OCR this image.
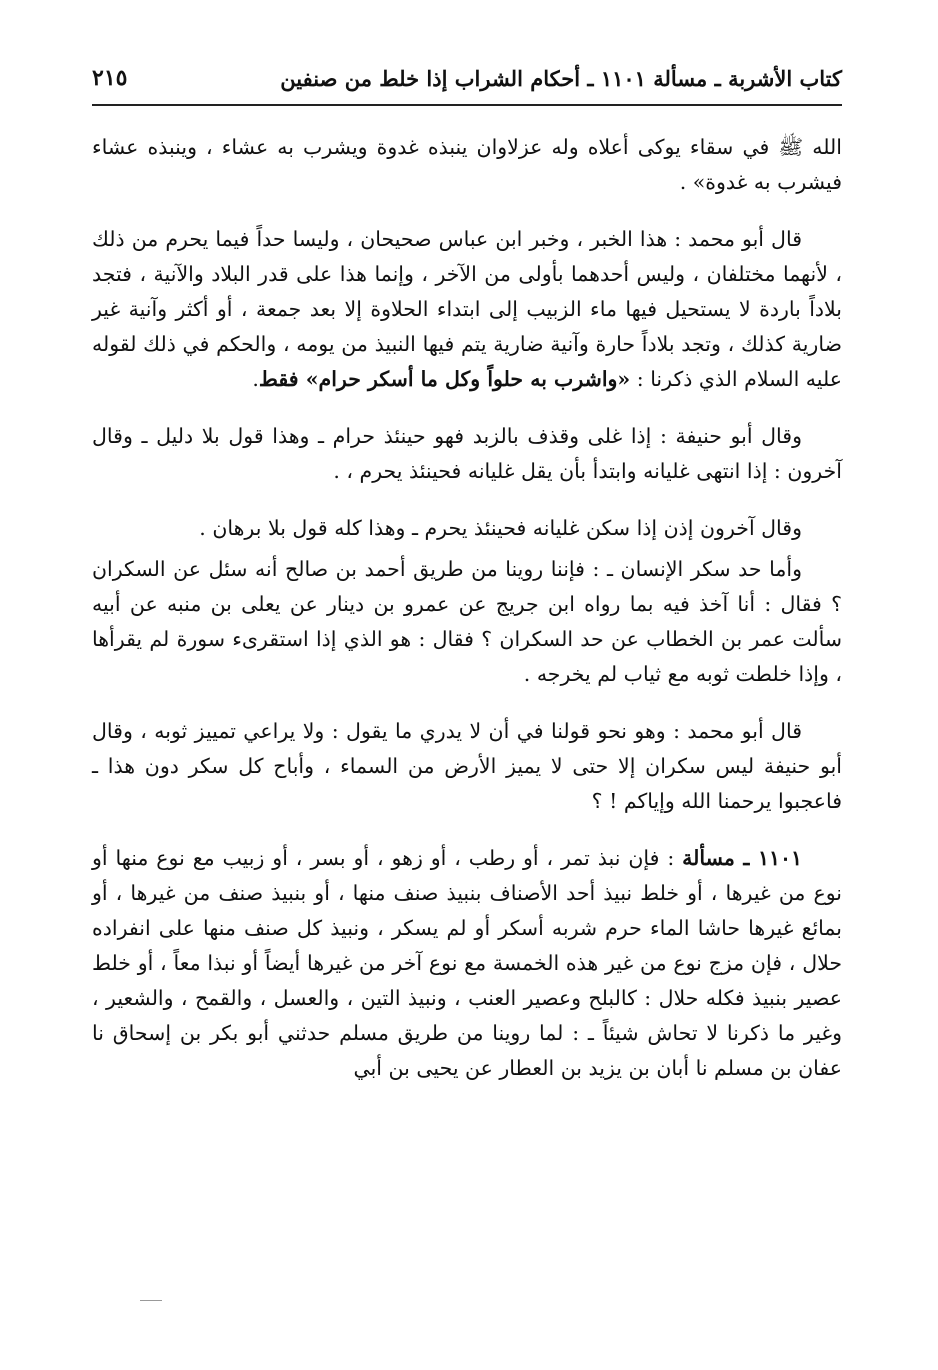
كتاب الأشربة ـ مسألة ١١٠١ ـ أحكام الشراب إذا خلط من صنفين
٢١٥

الله ﷺ في سقاء يوكى أعلاه وله عزلاوان ينبذه غدوة ويشرب به عشاء ، وينبذه عشاء فيشرب به غدوة» .

قال أبو محمد : هذا الخبر ، وخبر ابن عباس صحيحان ، وليسا حداً فيما يحرم من ذلك ، لأنهما مختلفان ، وليس أحدهما بأولى من الآخر ، وإنما هذا على قدر البلاد والآنية ، فتجد بلاداً باردة لا يستحيل فيها ماء الزبيب إلى ابتداء الحلاوة إلا بعد جمعة ، أو أكثر وآنية غير ضارية كذلك ، وتجد بلاداً حارة وآنية ضارية يتم فيها النبيذ من يومه ، والحكم في ذلك لقوله عليه السلام الذي ذكرنا : «واشرب به حلواً وكل ما أسكر حرام» فقط.

وقال أبو حنيفة : إذا غلى وقذف بالزبد فهو حينئذ حرام ـ وهذا قول بلا دليل ـ وقال آخرون : إذا انتهى غليانه وابتدأ بأن يقل غليانه فحينئذ يحرم ، .

وقال آخرون إذن إذا سكن غليانه فحينئذ يحرم ـ وهذا كله قول بلا برهان .

وأما حد سكر الإنسان ـ : فإننا روينا من طريق أحمد بن صالح أنه سئل عن السكران ؟ فقال : أنا آخذ فيه بما رواه ابن جريج عن عمرو بن دينار عن يعلى بن منبه عن أبيه سألت عمر بن الخطاب عن حد السكران ؟ فقال : هو الذي إذا استقرىء سورة لم يقرأها ، وإذا خلطت ثوبه مع ثياب لم يخرجه .

قال أبو محمد : وهو نحو قولنا في أن لا يدري ما يقول : ولا يراعي تمييز ثوبه ، وقال أبو حنيفة ليس سكران إلا حتى لا يميز الأرض من السماء ، وأباح كل سكر دون هذا ـ فاعجبوا يرحمنا الله وإياكم ! ؟

١١٠١ ـ مسألة : فإن نبذ تمر ، أو رطب ، أو زهو ، أو بسر ، أو زبيب مع نوع منها أو نوع من غيرها ، أو خلط نبيذ أحد الأصناف بنبيذ صنف منها ، أو بنبيذ صنف من غيرها ، أو بمائع غيرها حاشا الماء حرم شربه أسكر أو لم يسكر ، ونبيذ كل صنف منها على انفراده حلال ، فإن مزج نوع من غير هذه الخمسة مع نوع آخر من غيرها أيضاً أو نبذا معاً ، أو خلط عصير بنبيذ فكله حلال : كالبلح وعصير العنب ، ونبيذ التين ، والعسل ، والقمح ، والشعير ، وغير ما ذكرنا لا تحاش شيئاً ـ : لما روينا من طريق مسلم حدثني أبو بكر بن إسحاق نا عفان بن مسلم نا أبان بن يزيد بن العطار عن يحيى بن أبي
